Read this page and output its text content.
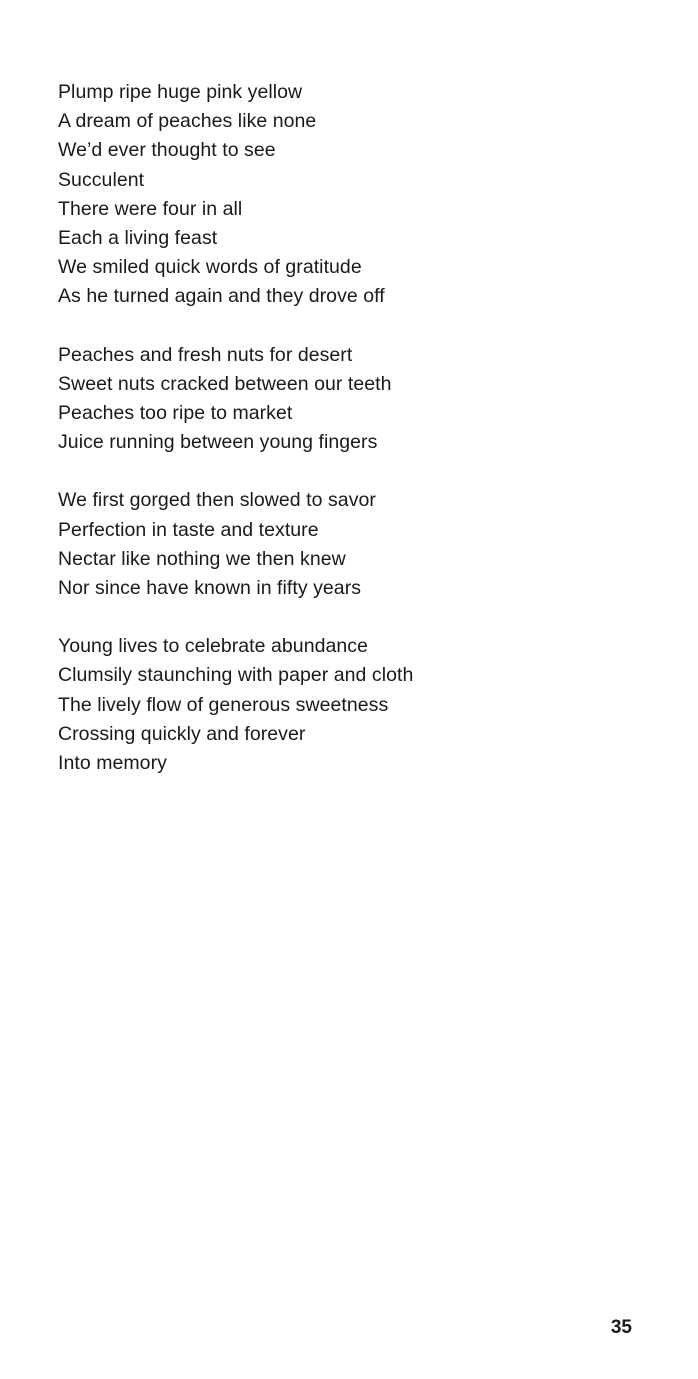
Plump ripe huge pink yellow
A dream of peaches like none
We’d ever thought to see
Succulent
There were four in all
Each a living feast
We smiled quick words of gratitude
As he turned again and they drove off
Peaches and fresh nuts for desert
Sweet nuts cracked between our teeth
Peaches too ripe to market
Juice running between young fingers
We first gorged then slowed to savor
Perfection in taste and texture
Nectar like nothing we then knew
Nor since have known in fifty years
Young lives to celebrate abundance
Clumsily staunching with paper and cloth
The lively flow of generous sweetness
Crossing quickly and forever
Into memory
35
